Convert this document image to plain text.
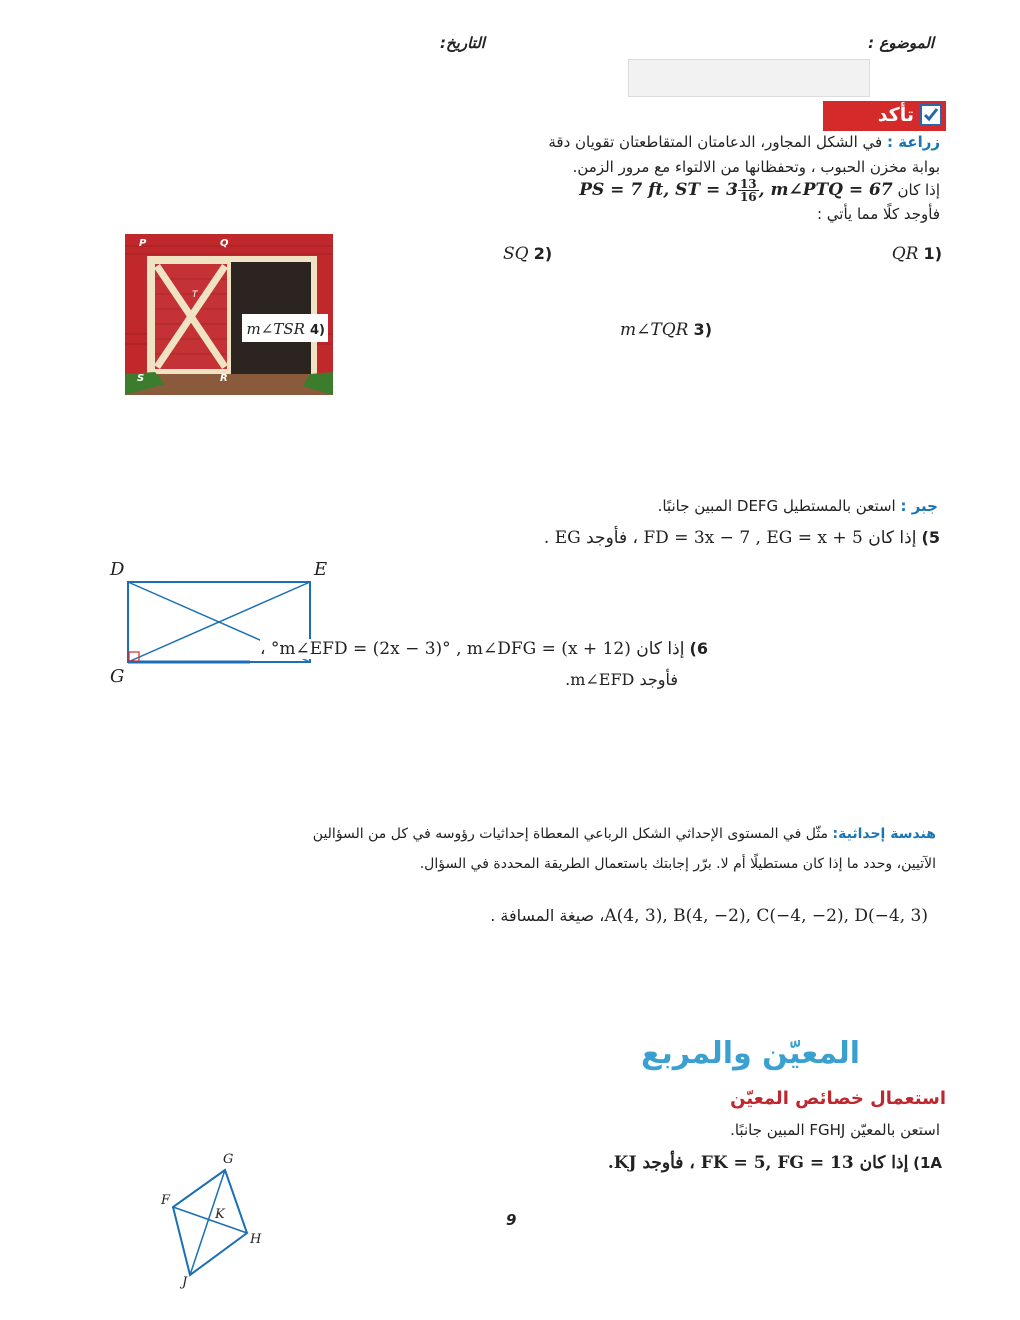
الموضوع :
التاريخ:
تأكد
زراعة : في الشكل المجاور، الدعامتان المتقاطعتان تقويان دقة
بوابة مخزن الحبوب ، وتحفظانها من الالتواء مع مرور الزمن.
إذا كان PS = 7 ft, ST = $3 \frac{13}{16}$ , m∠PTQ = 67
فأوجد كلًا مما يأتي :
(1 QR
(2 SQ
(3 m∠TQR
P	Q
T
S	R
(4 m∠TSR
جبر : استعن بالمستطيل DEFG المبين جانبًا.
5) إذا كان FD = 3x − 7 , EG = x + 5 ، فأوجد EG .
D	E
G
6) إذا كان m∠EFD = (2x − 3)° , m∠DFG = (x + 12)° ،
فأوجد m∠EFD.
هندسة إحداثية: مثّل في المستوى الإحداثي الشكل الرباعي المعطاة إحداثيات رؤوسه في كل من السؤالين
الآتيين، وحدد ما إذا كان مستطيلًا أم لا. برّر إجابتك باستعمال الطريقة المحددة في السؤال.
A(4, 3), B(4, −2), C(−4, −2), D(−4, 3)، صيغة المسافة .
المعيّن والمربع
استعمال خصائص المعيّن
استعن بالمعيّن FGHJ المبين جانبًا.
1A) إذا كان FK = 5, FG = 13 ، فأوجد KJ.
G
F
K
H
J
9
